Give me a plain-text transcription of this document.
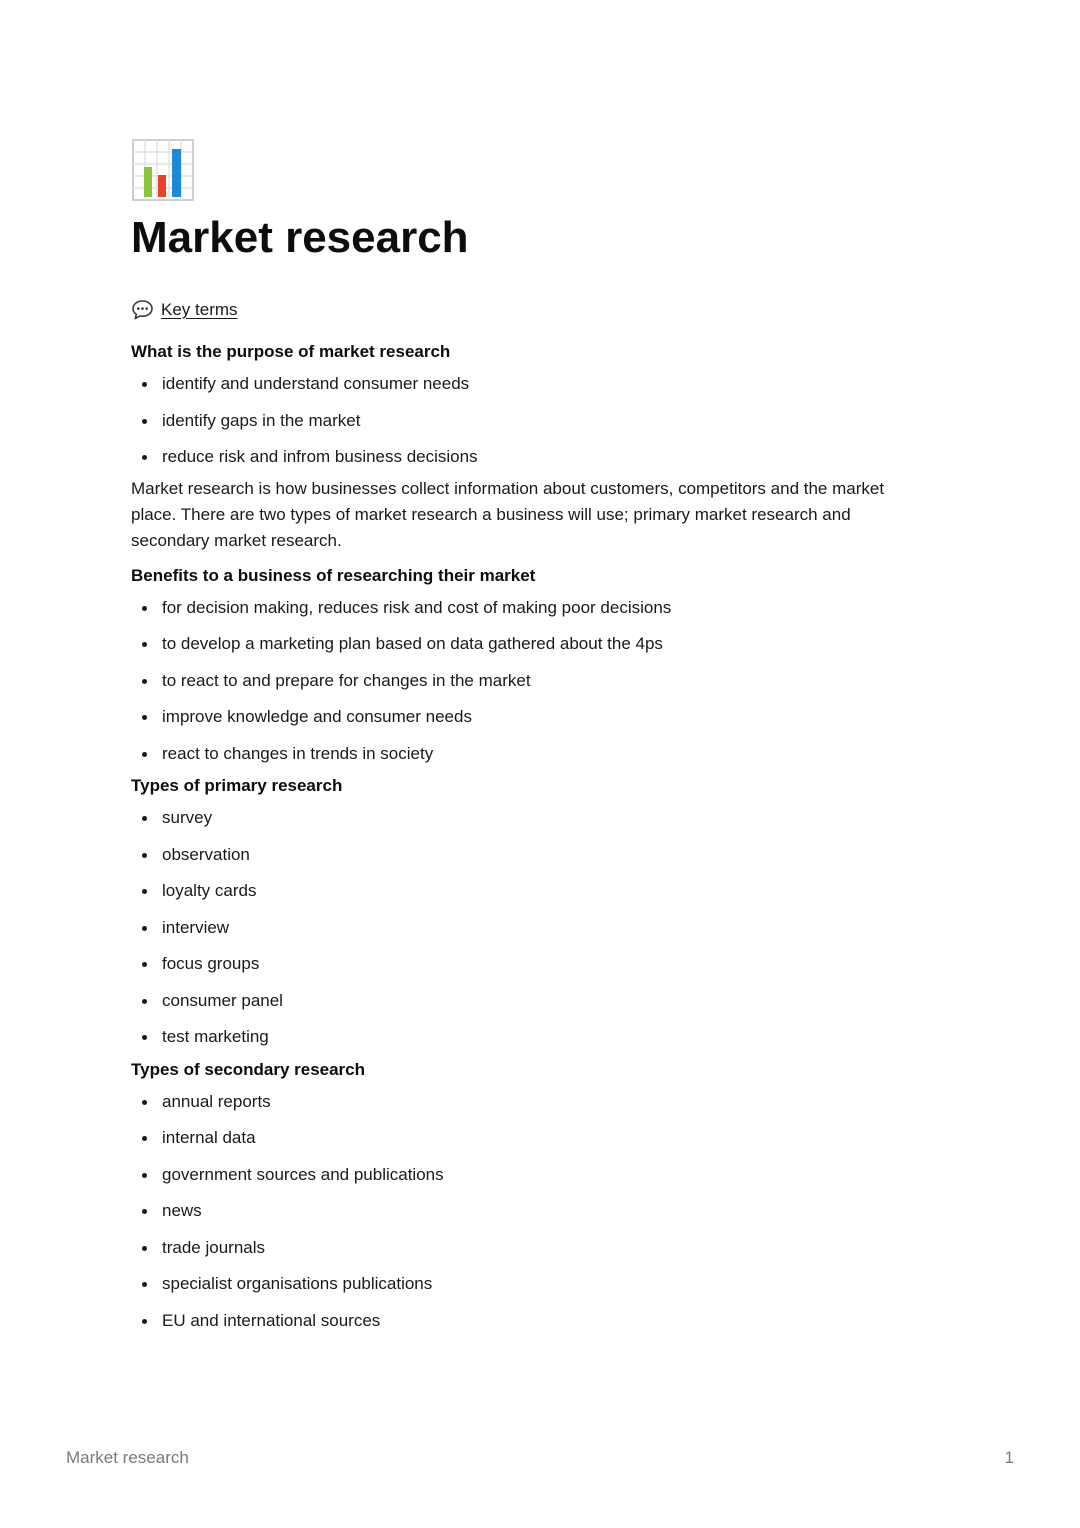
Market research
Key terms
What is the purpose of market research
identify and understand consumer needs
identify gaps in the market
reduce risk and infrom business decisions

Market research is how businesses collect information about customers, competitors and the market place. There are two types of market research a business will use; primary market research and secondary market research.

Benefits to a business of researching their market
for decision making, reduces risk and cost of making poor decisions
to develop a marketing plan based on data gathered about the 4ps
to react to and prepare for changes in the market
improve knowledge and consumer needs
react to changes in trends in society
Types of primary research
survey
observation
loyalty cards
interview
focus groups
consumer panel
test marketing
Types of secondary research
annual reports
internal data
government sources and publications
news
trade journals
specialist organisations publications
EU and international sources
Market research	1
